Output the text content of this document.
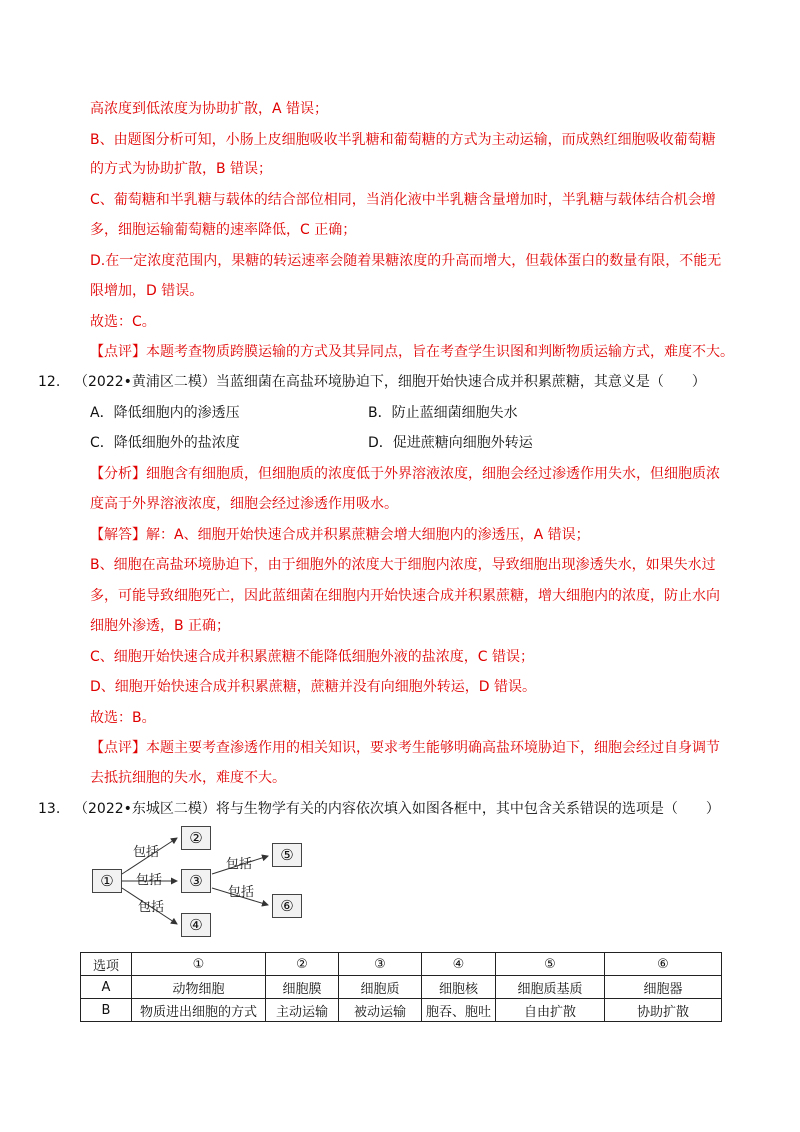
高浓度到低浓度为协助扩散，A 错误；
B、由题图分析可知，小肠上皮细胞吸收半乳糖和葡萄糖的方式为主动运输，而成熟红细胞吸收葡萄糖
的方式为协助扩散，B 错误；
C、葡萄糖和半乳糖与载体的结合部位相同，当消化液中半乳糖含量增加时，半乳糖与载体结合机会增
多，细胞运输葡萄糖的速率降低，C 正确；
D.在一定浓度范围内，果糖的转运速率会随着果糖浓度的升高而增大，但载体蛋白的数量有限，不能无
限增加，D 错误。
故选：C。
【点评】本题考查物质跨膜运输的方式及其异同点，旨在考查学生识图和判断物质运输方式，难度不大。
12. （2022•黄浦区二模）当蓝细菌在高盐环境胁迫下，细胞开始快速合成并积累蔗糖，其意义是（　　）
A．降低细胞内的渗透压	B．防止蓝细菌细胞失水
C．降低细胞外的盐浓度	D．促进蔗糖向细胞外转运
【分析】细胞含有细胞质，但细胞质的浓度低于外界溶液浓度，细胞会经过渗透作用失水，但细胞质浓
度高于外界溶液浓度，细胞会经过渗透作用吸水。
【解答】解：A、细胞开始快速合成并积累蔗糖会增大细胞内的渗透压，A 错误；
B、细胞在高盐环境胁迫下，由于细胞外的浓度大于细胞内浓度，导致细胞出现渗透失水，如果失水过
多，可能导致细胞死亡，因此蓝细菌在细胞内开始快速合成并积累蔗糖，增大细胞内的浓度，防止水向
细胞外渗透，B 正确；
C、细胞开始快速合成并积累蔗糖不能降低细胞外液的盐浓度，C 错误；
D、细胞开始快速合成并积累蔗糖，蔗糖并没有向细胞外转运，D 错误。
故选：B。
【点评】本题主要考查渗透作用的相关知识，要求考生能够明确高盐环境胁迫下，细胞会经过自身调节
去抵抗细胞的失水，难度不大。
13. （2022•东城区二模）将与生物学有关的内容依次填入如图各框中，其中包含关系错误的选项是（　　）
①
②
③
④
⑤
⑥
包括
包括
包括
包括
包括
选项	①	②	③	④	⑤	⑥
A	动物细胞	细胞膜	细胞质	细胞核	细胞质基质	细胞器
B	物质进出细胞的方式	主动运输	被动运输	胞吞、胞吐	自由扩散	协助扩散
